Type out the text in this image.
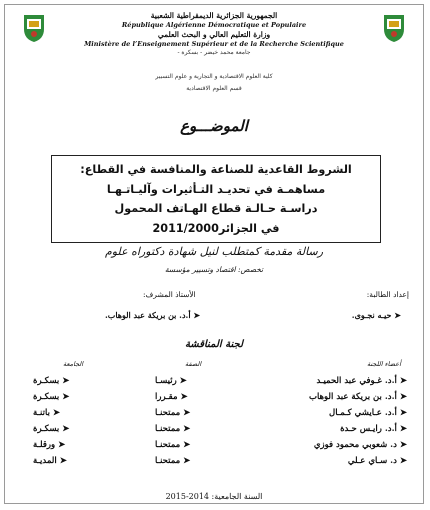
الجمهورية الجزائرية الديمقراطية الشعبية
République Algérienne Démocratique et Populaire
وزارة التعليم العالي و البحث العلمي
Ministère de l’Enseignement Supérieur et de la Recherche Scientifique
جامعة محمد خيضر - بسكرة -
كلية العلوم الاقتصادية و التجارية و علوم التسيير
قسم العلوم الاقتصادية
الموضـــوع
الشروط القاعدية للصناعة والمنافسة في القطاع:
مساهمـة في تحديـد التـأثيرات وآليـاتـهـا
دراسـة حـالـة قطاع الهـاتف المحمول
في الجزائر2011/2000
رسالة مقدمة كمتطلب لنيل شهادة دكتوراه علوم
تخصص: اقتصاد وتسيير مؤسسة
إعداد الطالبة:
➤ حيـه نجـوى.
الأستاذ المشرف:
➤ أ.د. بن بريكة عبد الوهاب.
لجنة المناقشة
أعضاء اللجنة
الصفة
الجامعة
➤ أ.د. غـوفي عبد الحميـد
➤ رئيسـا
➤ بسكـرة
➤ أ.د. بن بريكة عبد الوهاب
➤ مقـررا
➤ بسكـرة
➤ أ.د. عـايشي كـمـال
➤ ممتحنـا
➤ باتنـة
➤ أ.د. رايـس حـدة
➤ ممتحنـا
➤ بسكـرة
➤ د. شعوبي محمود فوزي
➤ ممتحنـا
➤ ورقلـة
➤ د. سـاي عـلي
➤ ممتحنـا
➤ المديـة
السنة الجامعية: 2014-2015
